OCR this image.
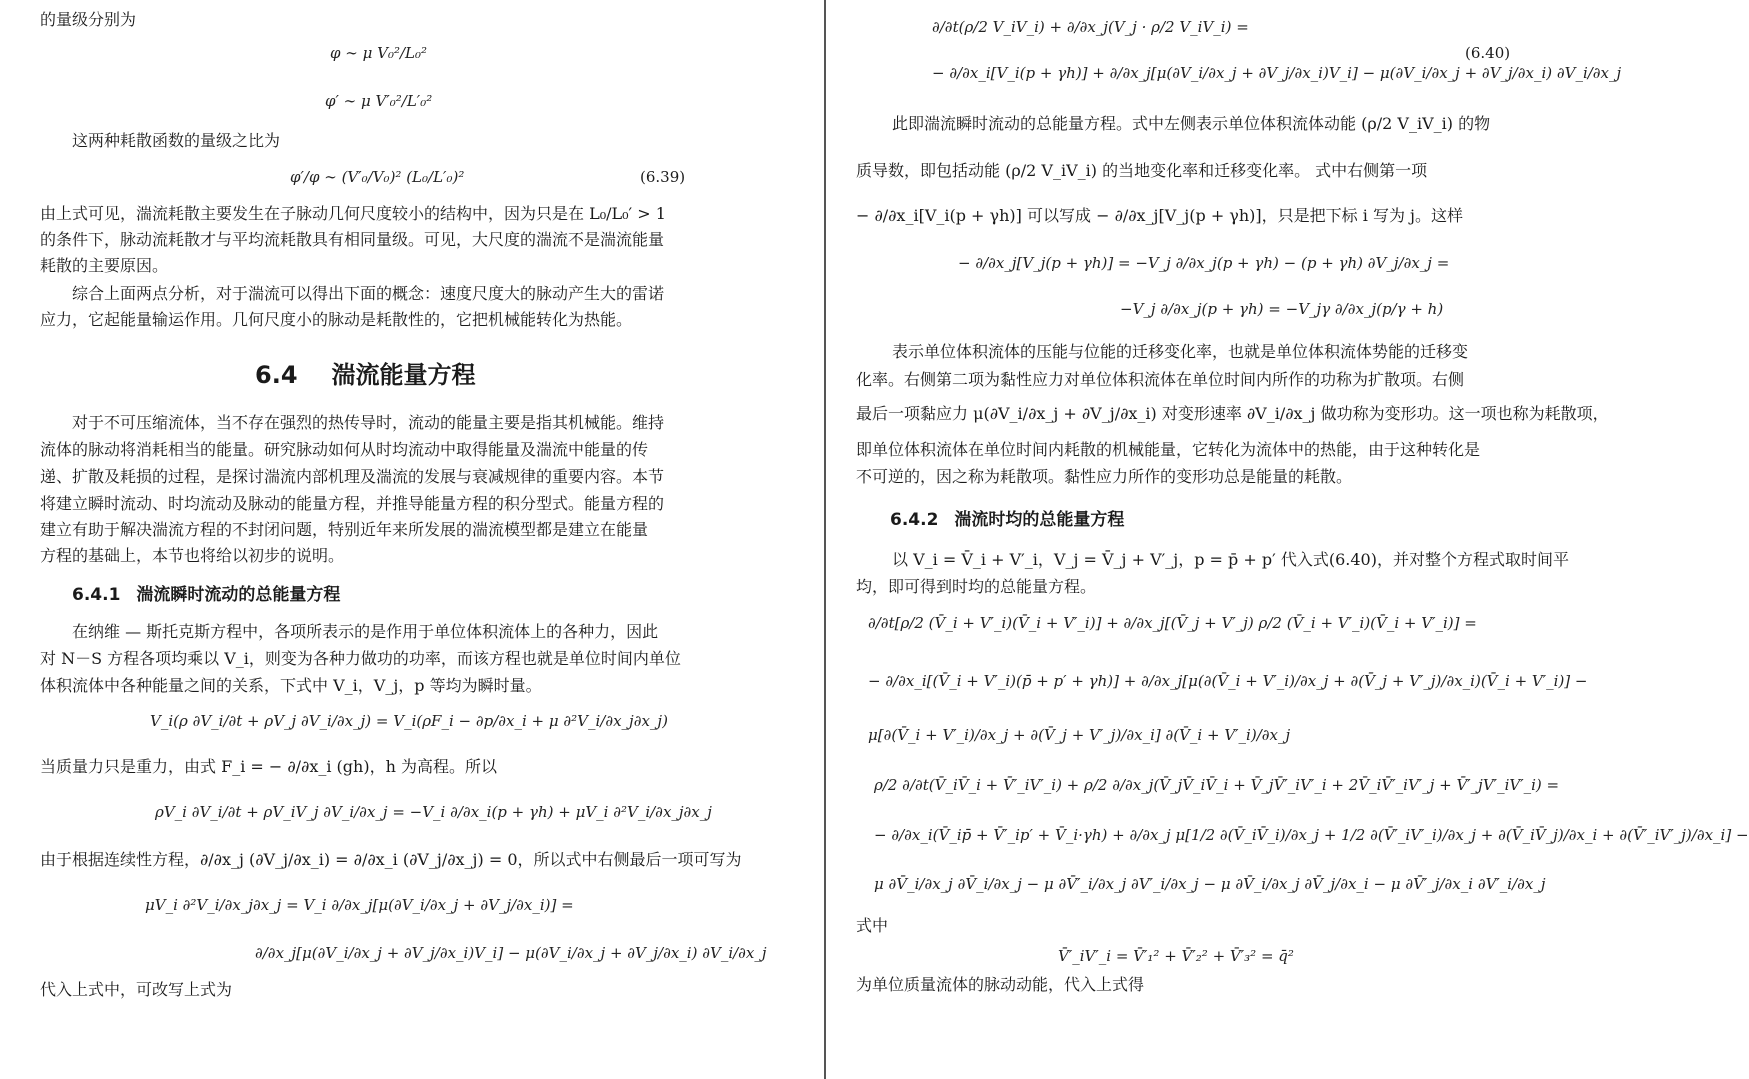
的量级分别为
φ ∼ μ V₀²/L₀²
φ′ ∼ μ V′₀²/L′₀²
这两种耗散函数的量级之比为
φ′/φ ∼ (V′₀/V₀)² (L₀/L′₀)²	(6.39)
由上式可见，湍流耗散主要发生在子脉动几何尺度较小的结构中，因为只是在 L₀/L₀′ > 1
的条件下，脉动流耗散才与平均流耗散具有相同量级。可见，大尺度的湍流不是湍流能量
耗散的主要原因。
综合上面两点分析，对于湍流可以得出下面的概念：速度尺度大的脉动产生大的雷诺
应力，它起能量输运作用。几何尺度小的脉动是耗散性的，它把机械能转化为热能。
6.4 湍流能量方程
对于不可压缩流体，当不存在强烈的热传导时，流动的能量主要是指其机械能。维持
流体的脉动将消耗相当的能量。研究脉动如何从时均流动中取得能量及湍流中能量的传
递、扩散及耗损的过程，是探讨湍流内部机理及湍流的发展与衰减规律的重要内容。本节
将建立瞬时流动、时均流动及脉动的能量方程，并推导能量方程的积分型式。能量方程的
建立有助于解决湍流方程的不封闭问题，特别近年来所发展的湍流模型都是建立在能量
方程的基础上，本节也将给以初步的说明。
6.4.1 湍流瞬时流动的总能量方程
在纳维 — 斯托克斯方程中，各项所表示的是作用于单位体积流体上的各种力，因此
对 N－S 方程各项均乘以 V_i，则变为各种力做功的功率，而该方程也就是单位时间内单位
体积流体中各种能量之间的关系，下式中 V_i，V_j，p 等均为瞬时量。
V_i(ρ ∂V_i/∂t + ρV_j ∂V_i/∂x_j) = V_i(ρF_i − ∂p/∂x_i + μ ∂²V_i/∂x_j∂x_j)
当质量力只是重力，由式 F_i = − ∂/∂x_i (gh)，h 为高程。所以
ρV_i ∂V_i/∂t + ρV_iV_j ∂V_i/∂x_j = −V_i ∂/∂x_i(p + γh) + μV_i ∂²V_i/∂x_j∂x_j
由于根据连续性方程，∂/∂x_j (∂V_j/∂x_i) = ∂/∂x_i (∂V_j/∂x_j) = 0，所以式中右侧最后一项可写为
μV_i ∂²V_i/∂x_j∂x_j = V_i ∂/∂x_j[μ(∂V_i/∂x_j + ∂V_j/∂x_i)] =
∂/∂x_j[μ(∂V_i/∂x_j + ∂V_j/∂x_i)V_i] − μ(∂V_i/∂x_j + ∂V_j/∂x_i) ∂V_i/∂x_j
代入上式中，可改写上式为
∂/∂t(ρ/2 V_iV_i) + ∂/∂x_j(V_j · ρ/2 V_iV_i) =
− ∂/∂x_i[V_i(p + γh)] + ∂/∂x_j[μ(∂V_i/∂x_j + ∂V_j/∂x_i)V_i] − μ(∂V_i/∂x_j + ∂V_j/∂x_i) ∂V_i/∂x_j
(6.40)
此即湍流瞬时流动的总能量方程。式中左侧表示单位体积流体动能 (ρ/2 V_iV_i) 的物
质导数，即包括动能 (ρ/2 V_iV_i) 的当地变化率和迁移变化率。 式中右侧第一项
− ∂/∂x_i[V_i(p + γh)] 可以写成 − ∂/∂x_j[V_j(p + γh)]，只是把下标 i 写为 j。这样
− ∂/∂x_j[V_j(p + γh)] = −V_j ∂/∂x_j(p + γh) − (p + γh) ∂V_j/∂x_j =
−V_j ∂/∂x_j(p + γh) = −V_jγ ∂/∂x_j(p/γ + h)
表示单位体积流体的压能与位能的迁移变化率，也就是单位体积流体势能的迁移变
化率。右侧第二项为黏性应力对单位体积流体在单位时间内所作的功称为扩散项。右侧
最后一项黏应力 μ(∂V_i/∂x_j + ∂V_j/∂x_i) 对变形速率 ∂V_i/∂x_j 做功称为变形功。这一项也称为耗散项，
即单位体积流体在单位时间内耗散的机械能量，它转化为流体中的热能，由于这种转化是
不可逆的，因之称为耗散项。黏性应力所作的变形功总是能量的耗散。
6.4.2 湍流时均的总能量方程
以 V_i = V̄_i + V′_i，V_j = V̄_j + V′_j，p = p̄ + p′ 代入式(6.40)，并对整个方程式取时间平
均，即可得到时均的总能量方程。
∂/∂t[ρ/2 (V̄_i + V′_i)(V̄_i + V′_i)] + ∂/∂x_j[(V̄_j + V′_j) ρ/2 (V̄_i + V′_i)(V̄_i + V′_i)] =
− ∂/∂x_i[(V̄_i + V′_i)(p̄ + p′ + γh)] + ∂/∂x_j[μ(∂(V̄_i + V′_i)/∂x_j + ∂(V̄_j + V′_j)/∂x_i)(V̄_i + V′_i)] −
μ[∂(V̄_i + V′_i)/∂x_j + ∂(V̄_j + V′_j)/∂x_i] ∂(V̄_i + V′_i)/∂x_j
ρ/2 ∂/∂t(V̄_iV̄_i + V̄′_iV′_i) + ρ/2 ∂/∂x_j(V̄_jV̄_iV̄_i + V̄_jV̄′_iV′_i + 2V̄_iV̄′_iV′_j + V̄′_jV′_iV′_i) =
− ∂/∂x_i(V̄_ip̄ + V̄′_ip′ + V̄_i·γh) + ∂/∂x_j μ[1/2 ∂(V̄_iV̄_i)/∂x_j + 1/2 ∂(V̄′_iV′_i)/∂x_j + ∂(V̄_iV̄_j)/∂x_i + ∂(V̄′_iV′_j)/∂x_i] −
μ ∂V̄_i/∂x_j ∂V̄_i/∂x_j − μ ∂V̄′_i/∂x_j ∂V′_i/∂x_j − μ ∂V̄_i/∂x_j ∂V̄_j/∂x_i − μ ∂V̄′_j/∂x_i ∂V′_i/∂x_j
式中
V̄′_iV′_i = V̄′₁² + V̄′₂² + V̄′₃² = q̄²
为单位质量流体的脉动动能，代入上式得
